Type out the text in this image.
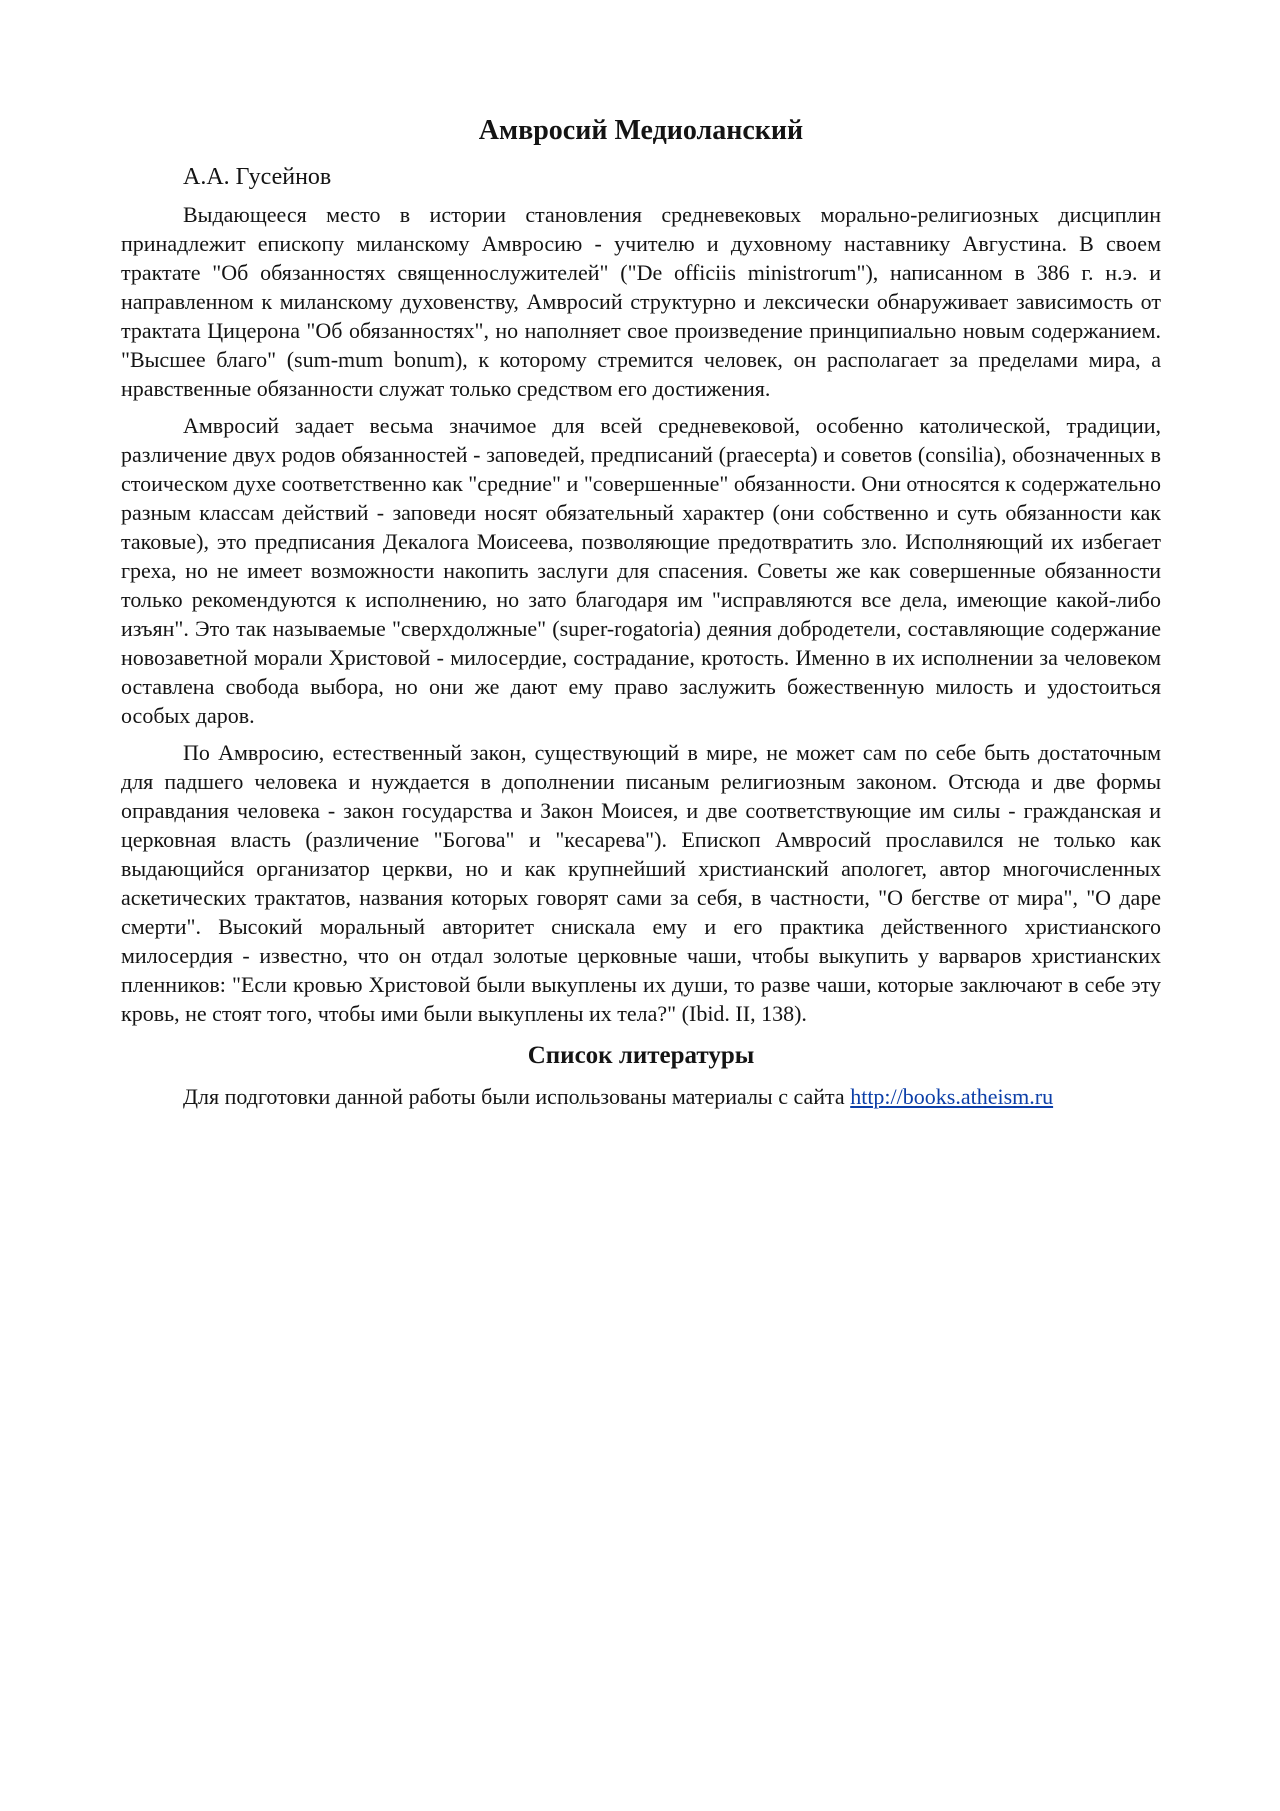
Амвросий Медиоланский
А.А. Гусейнов

Выдающееся место в истории становления средневековых морально-религиозных дисциплин принадлежит епископу миланскому Амвросию - учителю и духовному наставнику Августина. В своем трактате "Об обязанностях священнослужителей" ("De officiis ministrorum"), написанном в 386 г. н.э. и направленном к миланскому духовенству, Амвросий структурно и лексически обнаруживает зависимость от трактата Цицерона "Об обязанностях", но наполняет свое произведение принципиально новым содержанием. "Высшее благо" (sum-mum bonum), к которому стремится человек, он располагает за пределами мира, а нравственные обязанности служат только средством его достижения.

Амвросий задает весьма значимое для всей средневековой, особенно католической, традиции, различение двух родов обязанностей - заповедей, предписаний (praecepta) и советов (consilia), обозначенных в стоическом духе соответственно как "средние" и "совершенные" обязанности. Они относятся к содержательно разным классам действий - заповеди носят обязательный характер (они собственно и суть обязанности как таковые), это предписания Декалога Моисеева, позволяющие предотвратить зло. Исполняющий их избегает греха, но не имеет возможности накопить заслуги для спасения. Советы же как совершенные обязанности только рекомендуются к исполнению, но зато благодаря им "исправляются все дела, имеющие какой-либо изъян". Это так называемые "сверхдолжные" (super-rogatoria) деяния добродетели, составляющие содержание новозаветной морали Христовой - милосердие, сострадание, кротость. Именно в их исполнении за человеком оставлена свобода выбора, но они же дают ему право заслужить божественную милость и удостоиться особых даров.

По Амвросию, естественный закон, существующий в мире, не может сам по себе быть достаточным для падшего человека и нуждается в дополнении писаным религиозным законом. Отсюда и две формы оправдания человека - закон государства и Закон Моисея, и две соответствующие им силы - гражданская и церковная власть (различение "Богова" и "кесарева"). Епископ Амвросий прославился не только как выдающийся организатор церкви, но и как крупнейший христианский апологет, автор многочисленных аскетических трактатов, названия которых говорят сами за себя, в частности, "О бегстве от мира", "О даре смерти". Высокий моральный авторитет снискала ему и его практика действенного христианского милосердия - известно, что он отдал золотые церковные чаши, чтобы выкупить у варваров христианских пленников: "Если кровью Христовой были выкуплены их души, то разве чаши, которые заключают в себе эту кровь, не стоят того, чтобы ими были выкуплены их тела?" (Ibid. II, 138).

Список литературы

Для подготовки данной работы были использованы материалы с сайта http://books.atheism.ru
